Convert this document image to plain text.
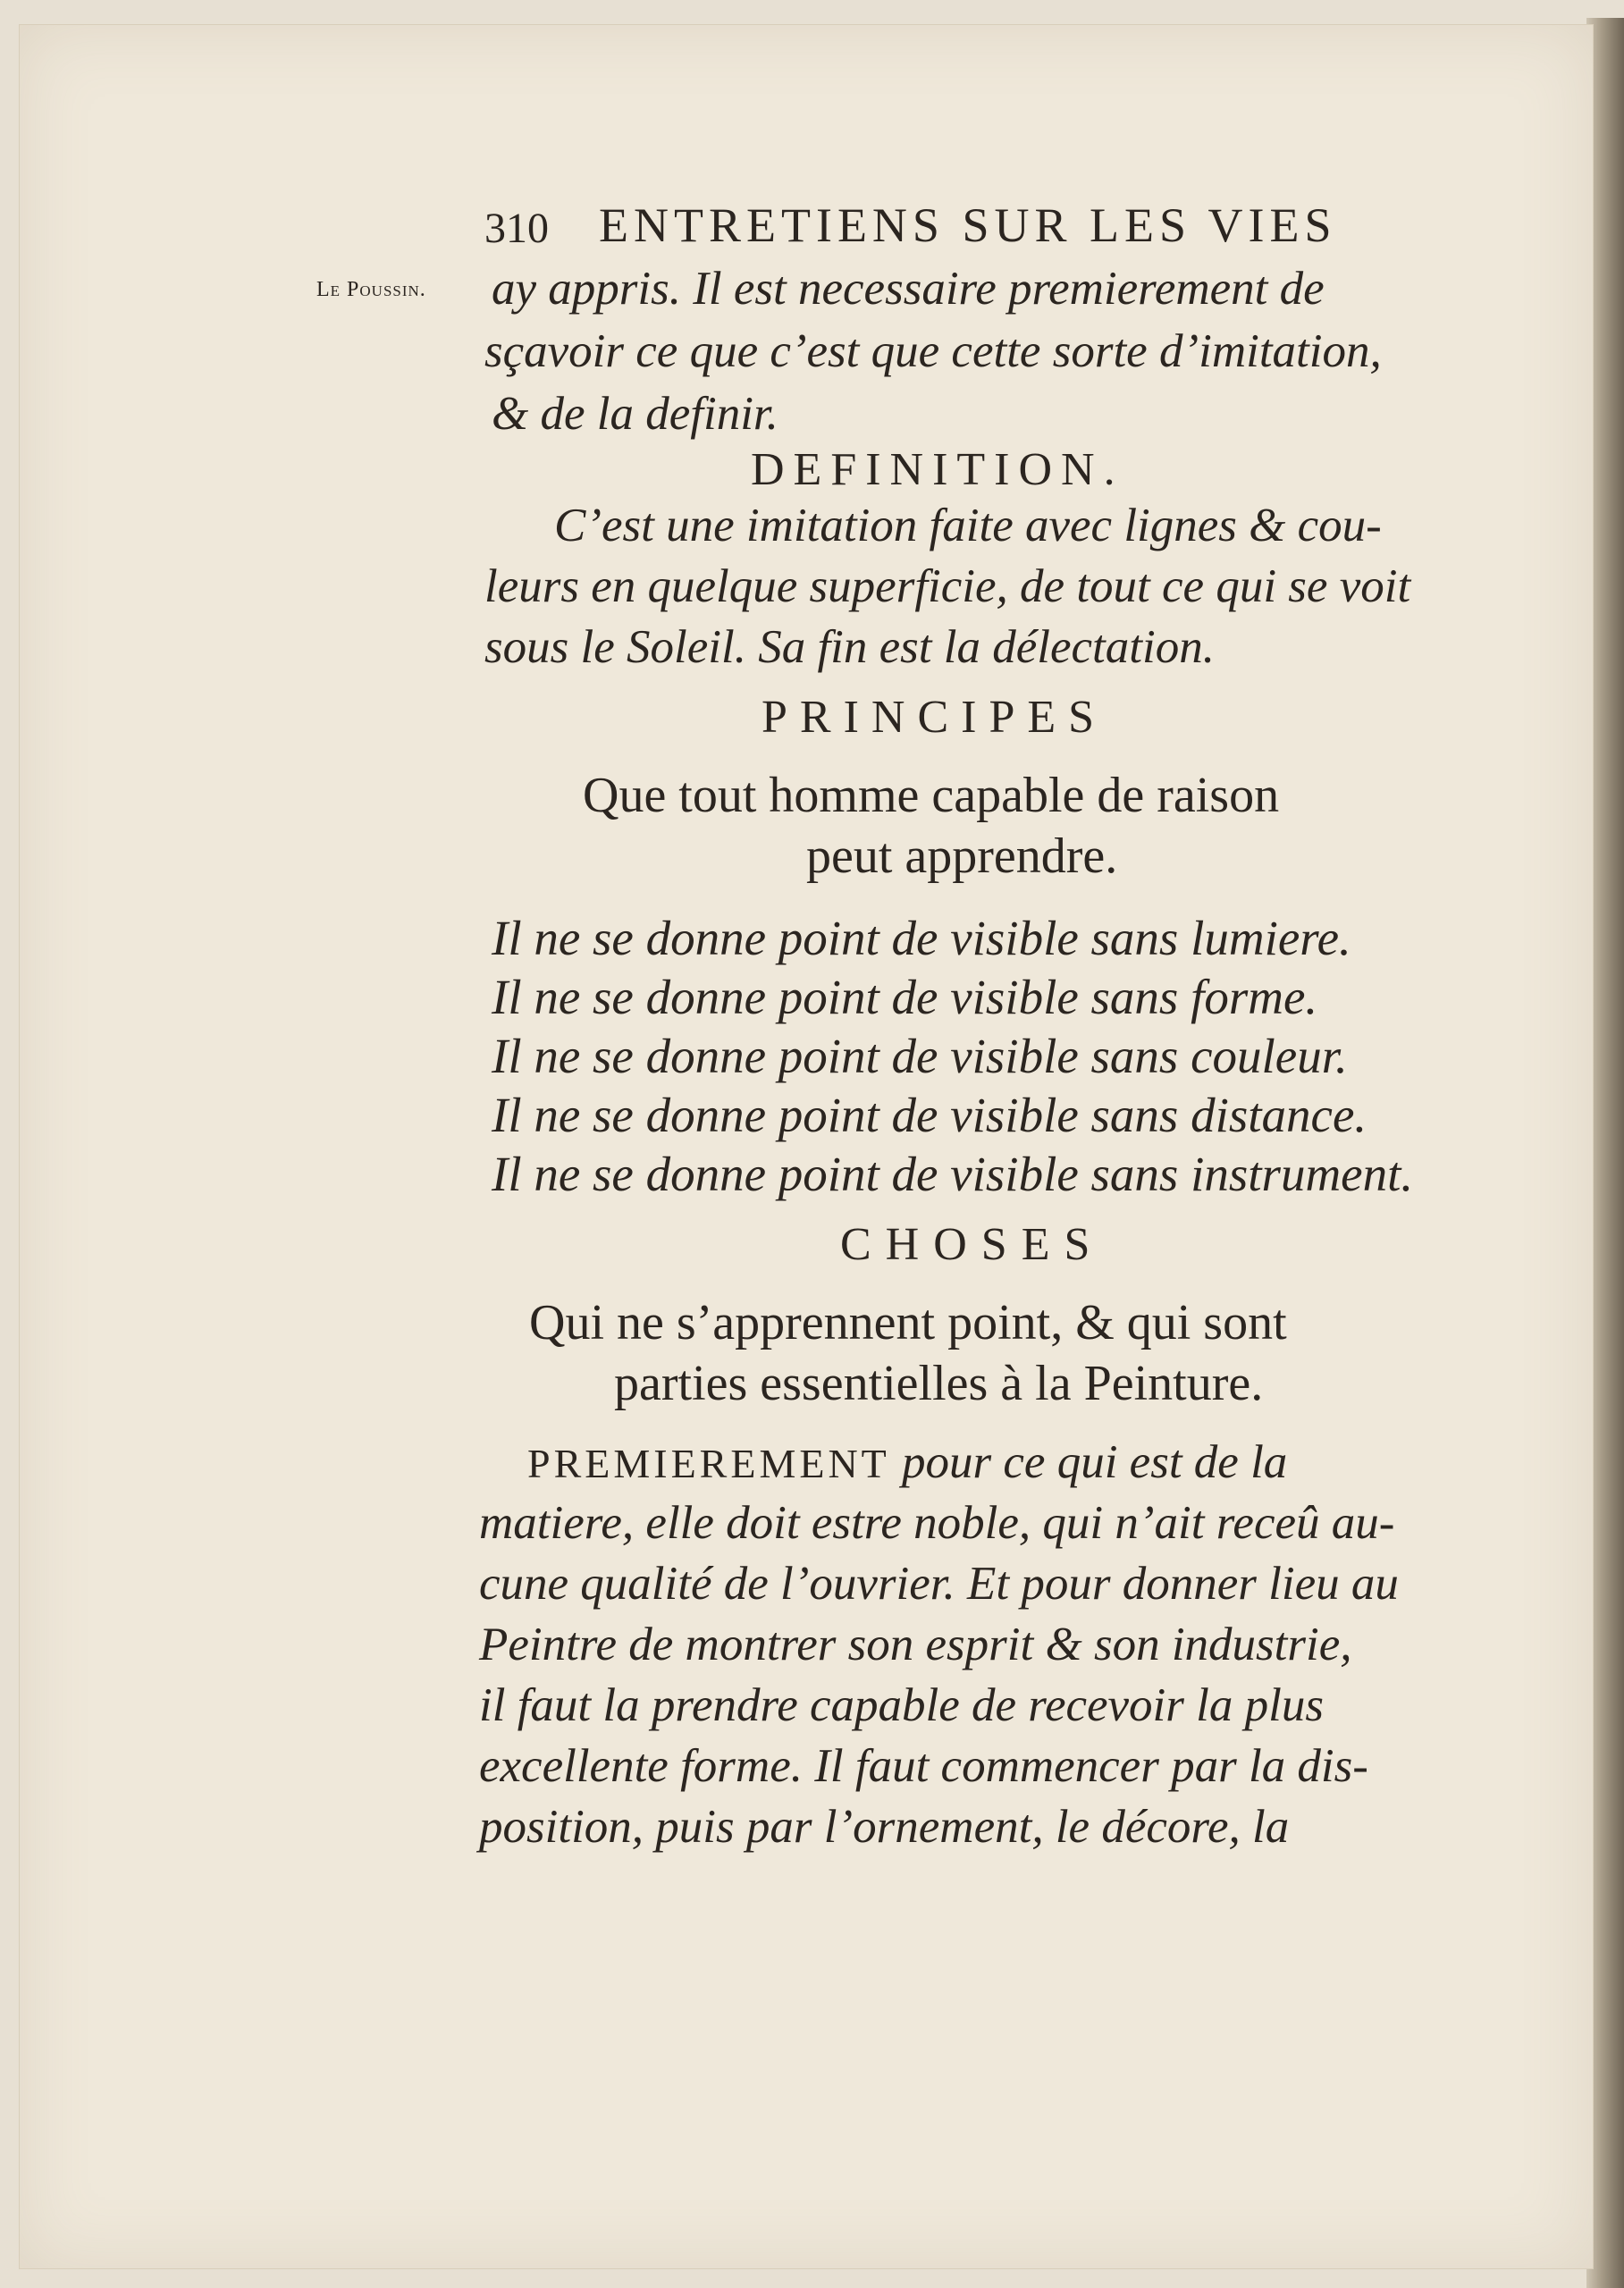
310 ENTRETIENS SUR LES VIES
Le Poussin. ay appris. Il est necessaire premierement de
sçavoir ce que c’est que cette sorte d’imitation,
& de la definir.
DEFINITION.
C’est une imitation faite avec lignes & cou-
leurs en quelque superficie, de tout ce qui se voit
sous le Soleil. Sa fin est la délectation.
PRINCIPES
Que tout homme capable de raison
peut apprendre.
Il ne se donne point de visible sans lumiere.
Il ne se donne point de visible sans forme.
Il ne se donne point de visible sans couleur.
Il ne se donne point de visible sans distance.
Il ne se donne point de visible sans instrument.
CHOSES
Qui ne s’apprennent point, & qui sont
parties essentielles à la Peinture.
PREMIEREMENT pour ce qui est de la
matiere, elle doit estre noble, qui n’ait receû au-
cune qualité de l’ouvrier. Et pour donner lieu au
Peintre de montrer son esprit & son industrie,
il faut la prendre capable de recevoir la plus
excellente forme. Il faut commencer par la dis-
position, puis par l’ornement, le décore, la
